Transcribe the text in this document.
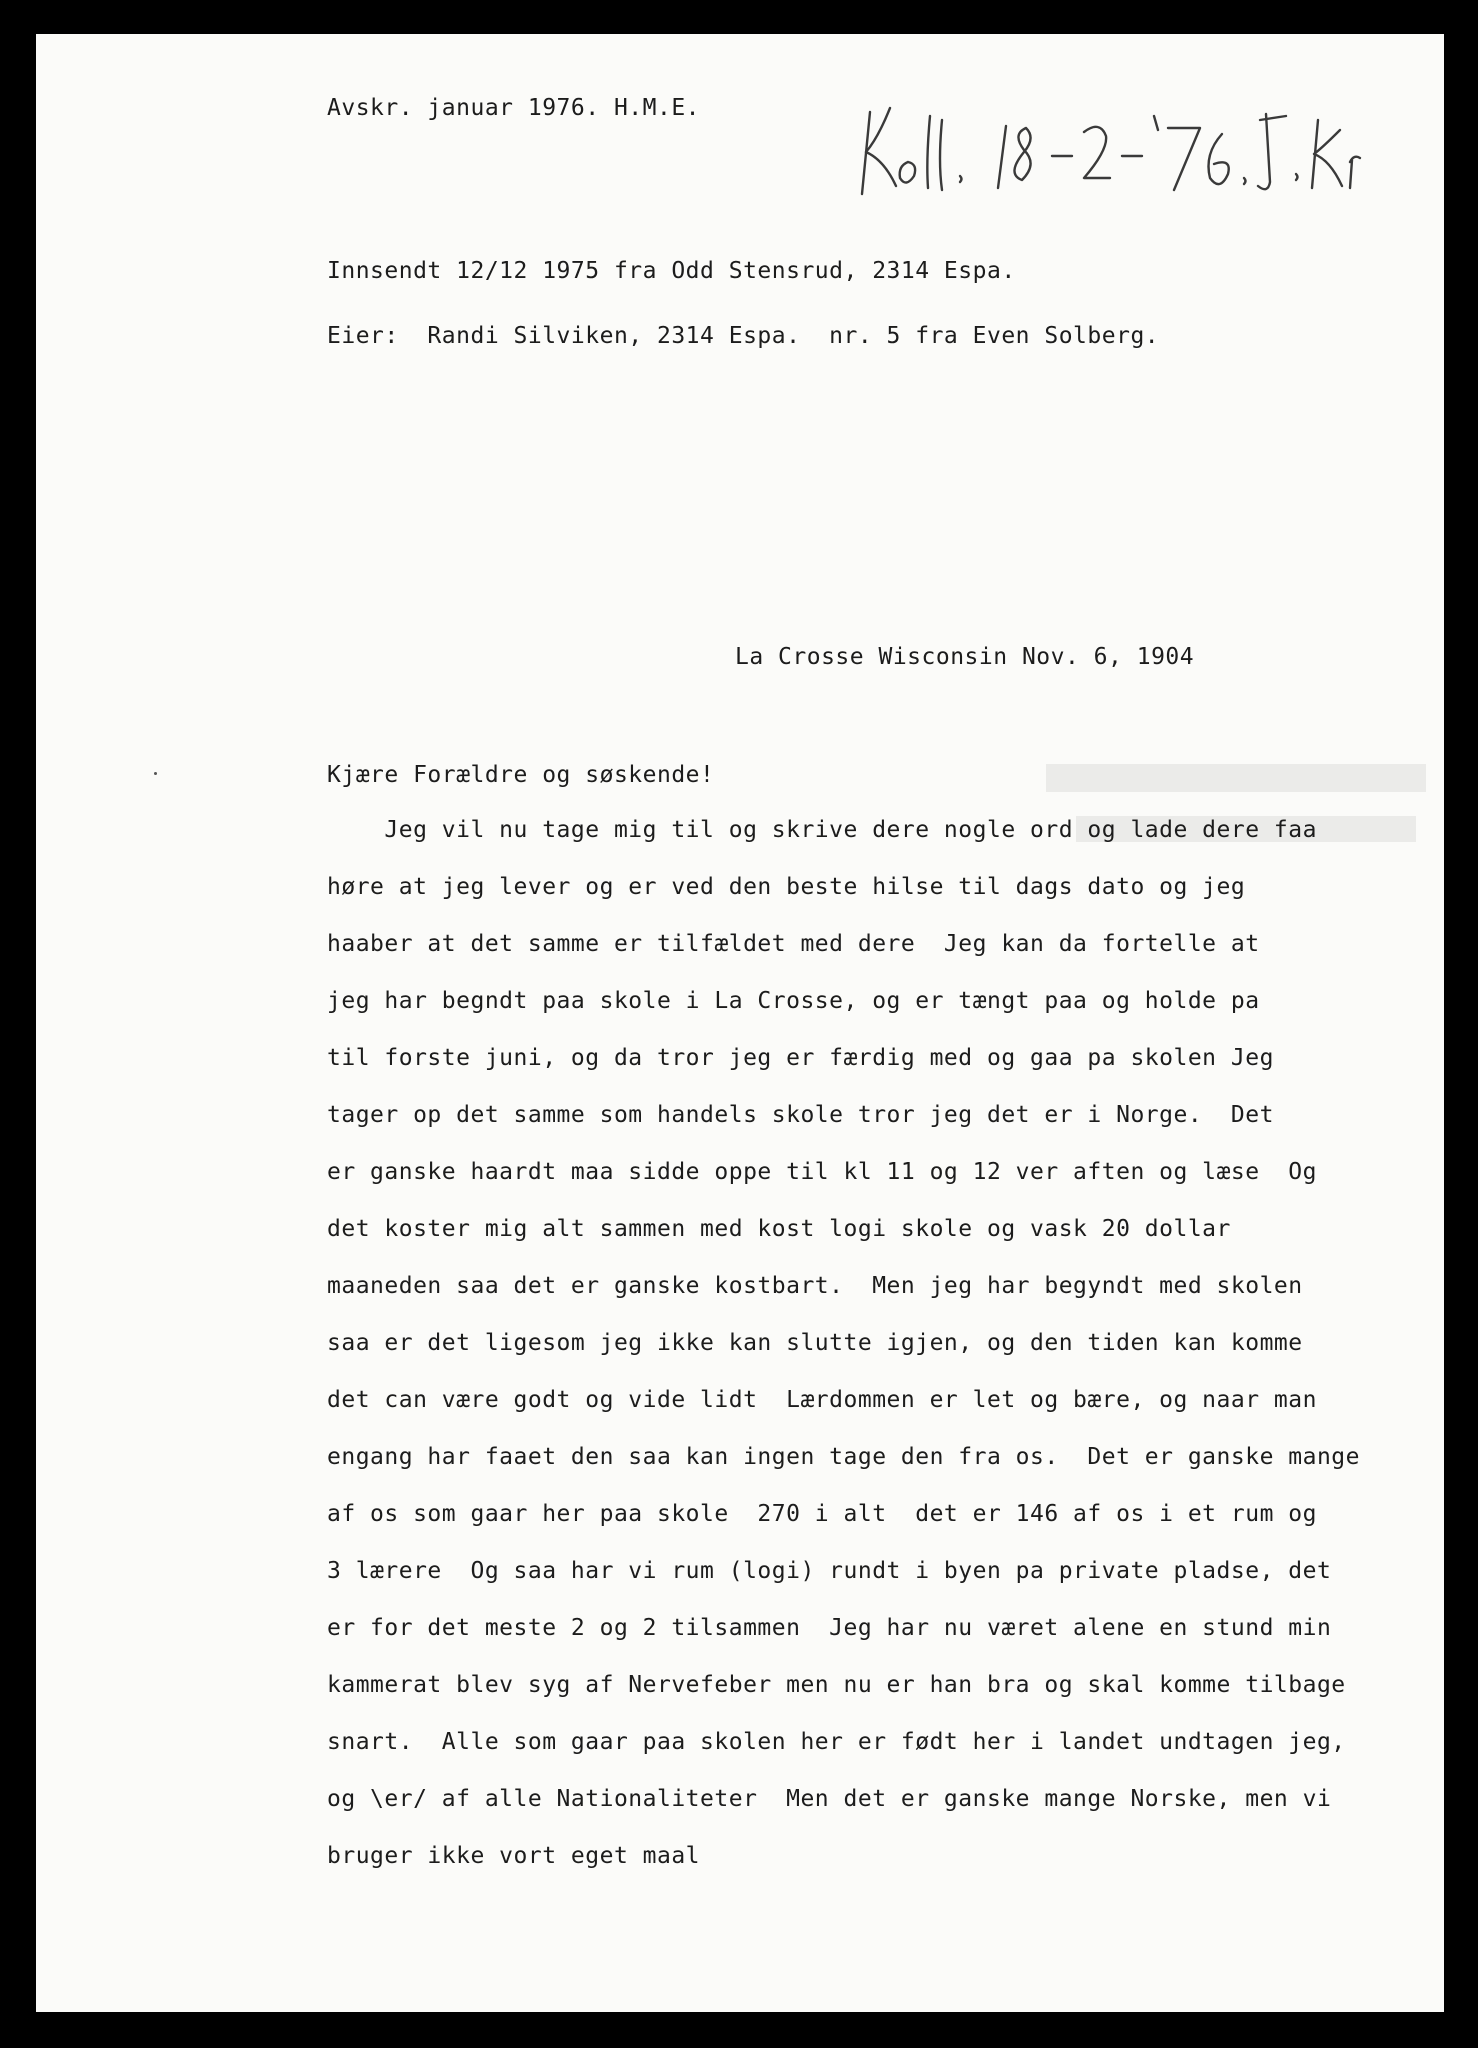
Avskr. januar 1976. H.M.E.
Innsendt 12/12 1975 fra Odd Stensrud, 2314 Espa.
Eier:  Randi Silviken, 2314 Espa.  nr. 5 fra Even Solberg.
La Crosse Wisconsin Nov. 6, 1904
Kjære Forældre og søskende!
Jeg vil nu tage mig til og skrive dere nogle ord og lade dere faa
høre at jeg lever og er ved den beste hilse til dags dato og jeg
haaber at det samme er tilfældet med dere  Jeg kan da fortelle at
jeg har begndt paa skole i La Crosse, og er tængt paa og holde pa
til forste juni, og da tror jeg er færdig med og gaa pa skolen Jeg
tager op det samme som handels skole tror jeg det er i Norge.  Det
er ganske haardt maa sidde oppe til kl 11 og 12 ver aften og læse  Og
det koster mig alt sammen med kost logi skole og vask 20 dollar
maaneden saa det er ganske kostbart.  Men jeg har begyndt med skolen
saa er det ligesom jeg ikke kan slutte igjen, og den tiden kan komme
det can være godt og vide lidt  Lærdommen er let og bære, og naar man
engang har faaet den saa kan ingen tage den fra os.  Det er ganske mange
af os som gaar her paa skole  270 i alt  det er 146 af os i et rum og
3 lærere  Og saa har vi rum (logi) rundt i byen pa private pladse, det
er for det meste 2 og 2 tilsammen  Jeg har nu været alene en stund min
kammerat blev syg af Nervefeber men nu er han bra og skal komme tilbage
snart.  Alle som gaar paa skolen her er født her i landet undtagen jeg,
og \er/ af alle Nationaliteter  Men det er ganske mange Norske, men vi
bruger ikke vort eget maal
